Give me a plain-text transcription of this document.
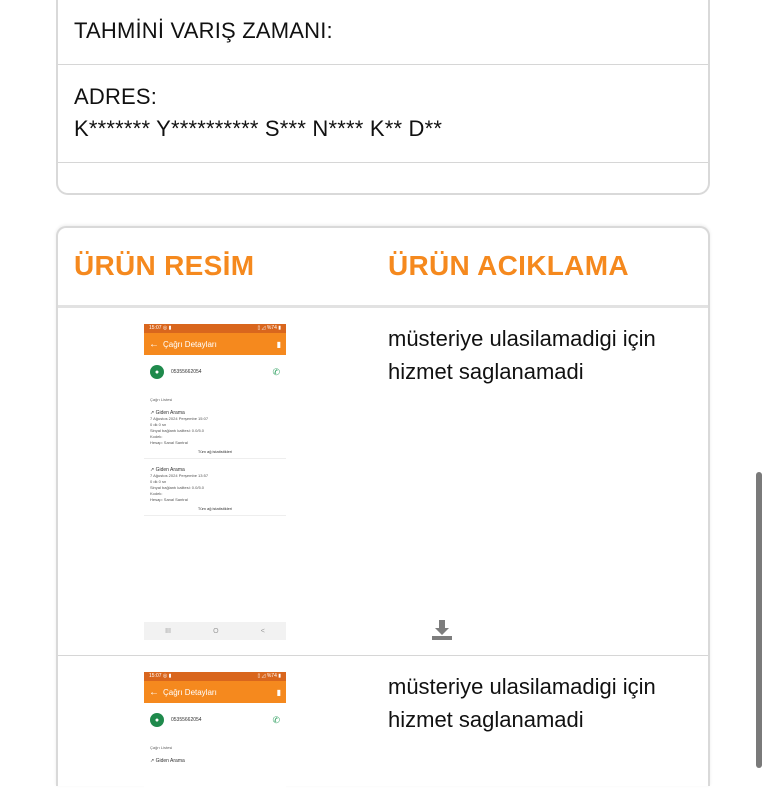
TAHMİNİ VARIŞ ZAMANI:
ADRES:
K******* Y********** S*** N**** K** D**
ÜRÜN RESİM	ÜRÜN ACIKLAMA
15:07 ◎ ▮	▯ ◿ %74 ▮
← Çağrı Detayları	▮
●	05355662054	✆
Çağrı Listesi
↗ Giden Arama
7 Ağustos 2024 Perşembe 15:07
0 dk 0 sn
Sinyal bağlantı kalitesi: 0.0/5.0
Kodek:
Hesap: Sanal Santral
Tüm ağ istatistikleri
↗ Giden Arama
7 Ağustos 2024 Perşembe 13:57
0 dk 0 sn
Sinyal bağlantı kalitesi: 0.0/5.0
Kodek:
Hesap: Sanal Santral
Tüm ağ istatistikleri
III	O	<
müsteriye ulasilamadigi için hizmet saglanamadi
15:07 ◎ ▮	▯ ◿ %74 ▮
← Çağrı Detayları	▮
●	05355662054	✆
Çağrı Listesi
↗ Giden Arama
müsteriye ulasilamadigi için hizmet saglanamadi
